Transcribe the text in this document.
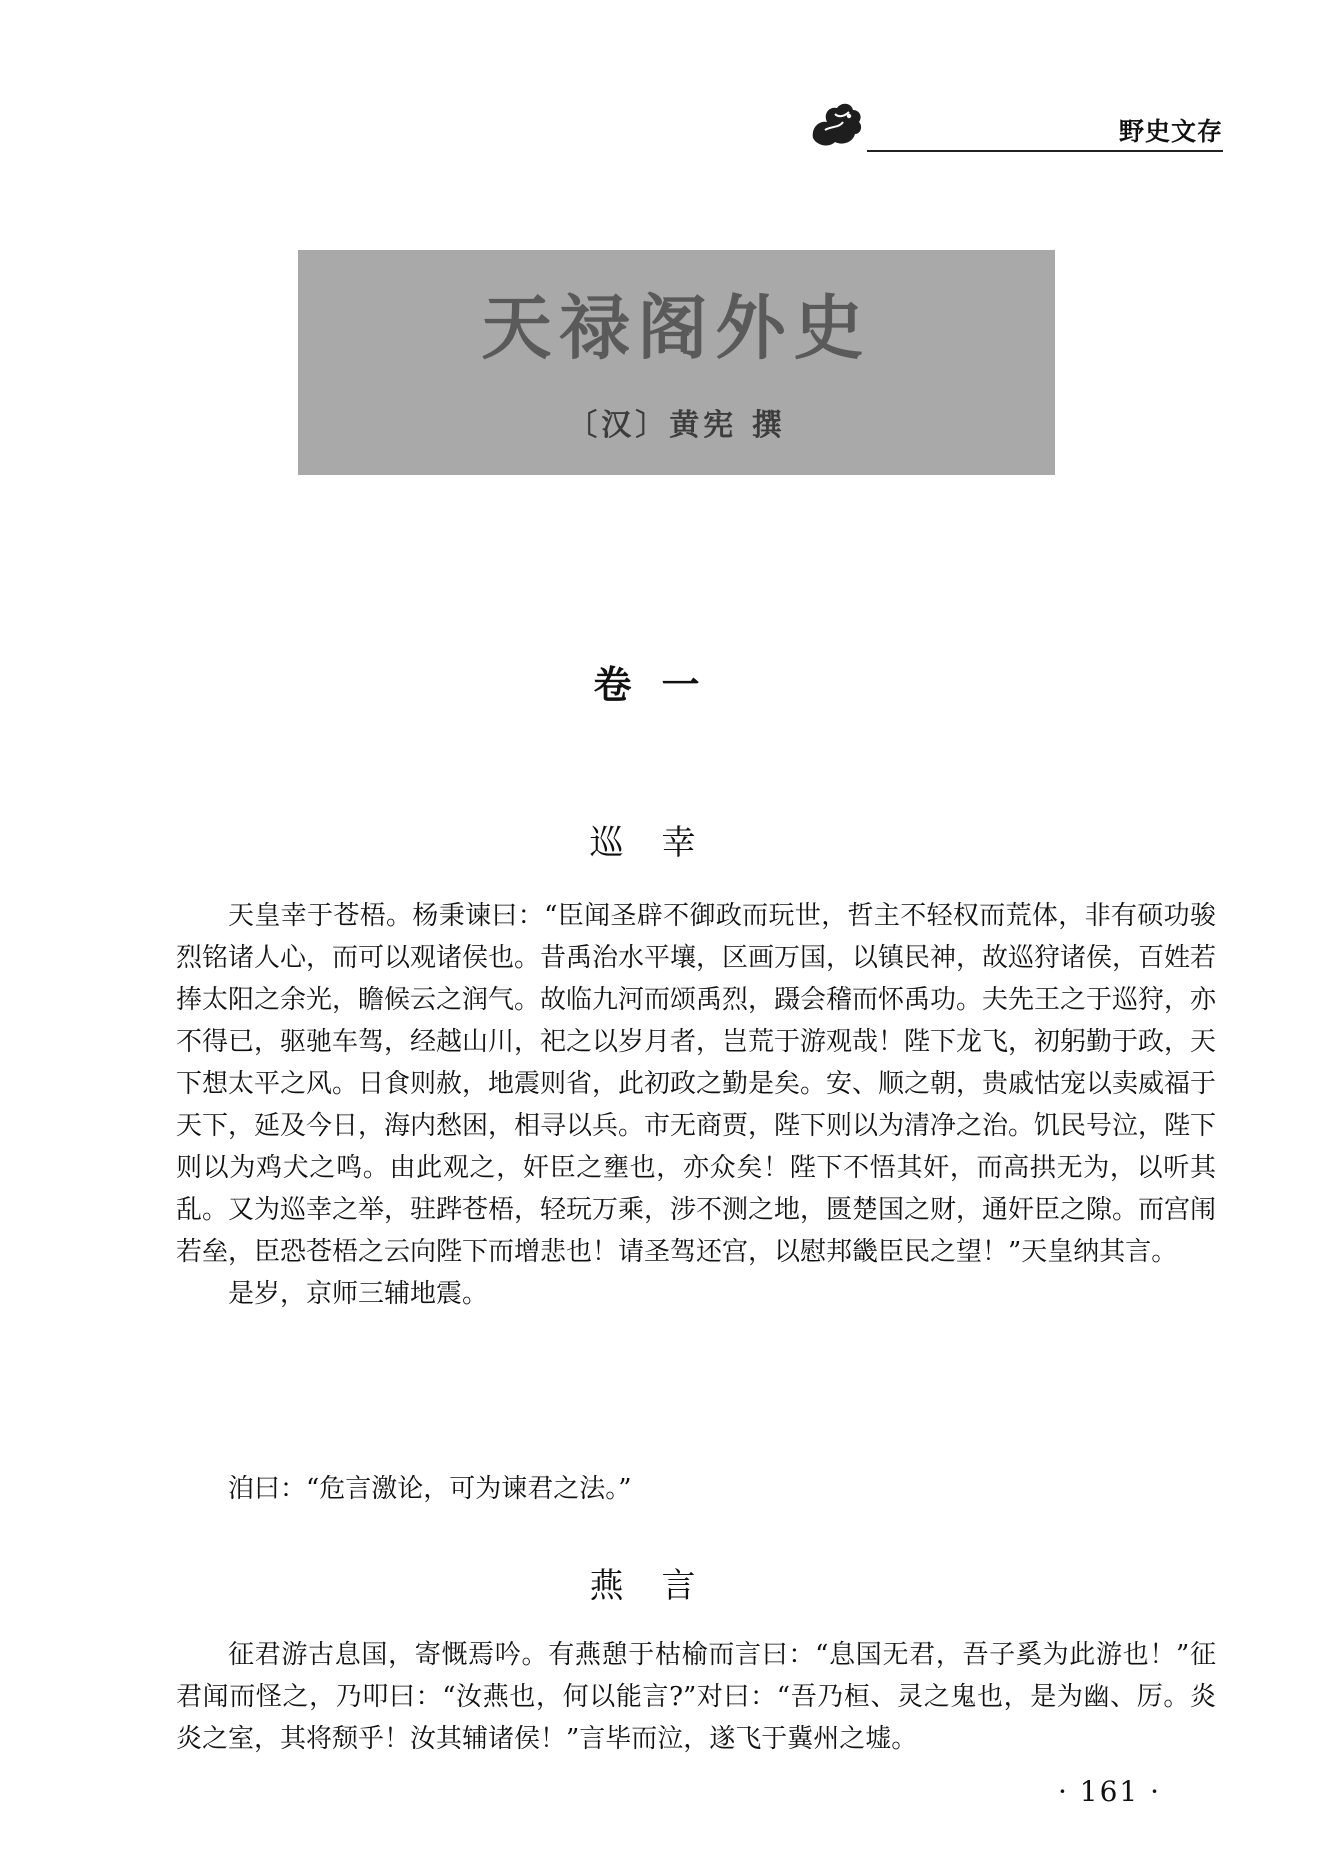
野史文存
天禄阁外史
〔汉〕黄宪 撰
卷一
巡幸

天皇幸于苍梧。杨秉谏曰：“臣闻圣辟不御政而玩世，哲主不轻权而荒体，非有硕功骏烈铭诸人心，而可以观诸侯也。昔禹治水平壤，区画万国，以镇民神，故巡狩诸侯，百姓若捧太阳之余光，瞻候云之润气。故临九河而颂禹烈，蹑会稽而怀禹功。夫先王之于巡狩，亦不得已，驱驰车驾，经越山川，祀之以岁月者，岂荒于游观哉！陛下龙飞，初躬勤于政，天下想太平之风。日食则赦，地震则省，此初政之勤是矣。安、顺之朝，贵戚怙宠以卖威福于天下，延及今日，海内愁困，相寻以兵。市无商贾，陛下则以为清净之治。饥民号泣，陛下则以为鸡犬之鸣。由此观之，奸臣之壅也，亦众矣！陛下不悟其奸，而高拱无为，以听其乱。又为巡幸之举，驻跸苍梧，轻玩万乘，涉不测之地，匮楚国之财，通奸臣之隙。而宫闱若垒，臣恐苍梧之云向陛下而增悲也！请圣驾还宫，以慰邦畿臣民之望！”天皇纳其言。

是岁，京师三辅地震。

洎曰：“危言激论，可为谏君之法。”

燕言

征君游古息国，寄慨焉吟。有燕憩于枯榆而言曰：“息国无君，吾子奚为此游也！”征君闻而怪之，乃叩曰：“汝燕也，何以能言?”对曰：“吾乃桓、灵之鬼也，是为幽、厉。炎炎之室，其将颓乎！汝其辅诸侯！”言毕而泣，遂飞于冀州之墟。

· 161 ·
